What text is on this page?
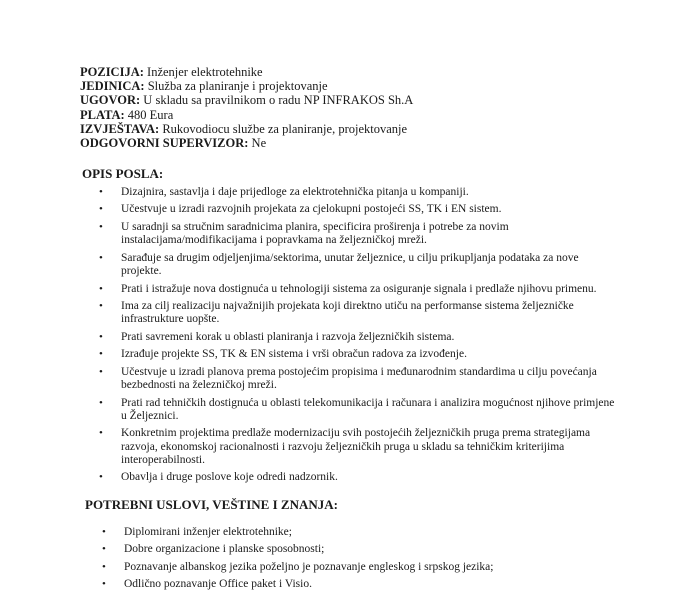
POZICIJA: Inženjer elektrotehnike
JEDINICA: Služba za planiranje i projektovanje
UGOVOR: U skladu sa pravilnikom o radu NP INFRAKOS Sh.A
PLATA: 480 Eura
IZVJEŠTAVA: Rukovodiocu službe za planiranje, projektovanje
ODGOVORNI SUPERVIZOR: Ne
OPIS POSLA:
• Dizajnira, sastavlja i daje prijedloge za elektrotehnička pitanja u kompaniji.
• Učestvuje u izradi razvojnih projekata za cjelokupni postojeći SS, TK i EN sistem.
• U saradnji sa stručnim saradnicima planira, specificira proširenja i potrebe za novim instalacijama/modifikacijama i popravkama na željezničkoj mreži.
• Sarađuje sa drugim odjeljenjima/sektorima, unutar željeznice, u cilju prikupljanja podataka za nove projekte.
• Prati i istražuje nova dostignuća u tehnologiji sistema za osiguranje signala i predlaže njihovu primenu.
• Ima za cilj realizaciju najvažnijih projekata koji direktno utiču na performanse sistema željezničke infrastrukture uopšte.
• Prati savremeni korak u oblasti planiranja i razvoja željezničkih sistema.
• Izrađuje projekte SS, TK & EN sistema i vrši obračun radova za izvođenje.
• Učestvuje u izradi planova prema postojećim propisima i međunarodnim standardima u cilju povećanja bezbednosti na železničkoj mreži.
• Prati rad tehničkih dostignuća u oblasti telekomunikacija i računara i analizira mogućnost njihove primjene u Željeznici.
• Konkretnim projektima predlaže modernizaciju svih postojećih željezničkih pruga prema strategijama razvoja, ekonomskoj racionalnosti i razvoju željezničkih pruga u skladu sa tehničkim kriterijima interoperabilnosti.
• Obavlja i druge poslove koje odredi nadzornik.
POTREBNI USLOVI, VEŠTINE I ZNANJA:
• Diplomirani inženjer elektrotehnike;
• Dobre organizacione i planske sposobnosti;
• Poznavanje albanskog jezika poželjno je poznavanje engleskog i srpskog jezika;
• Odlično poznavanje Office paket i Visio.
